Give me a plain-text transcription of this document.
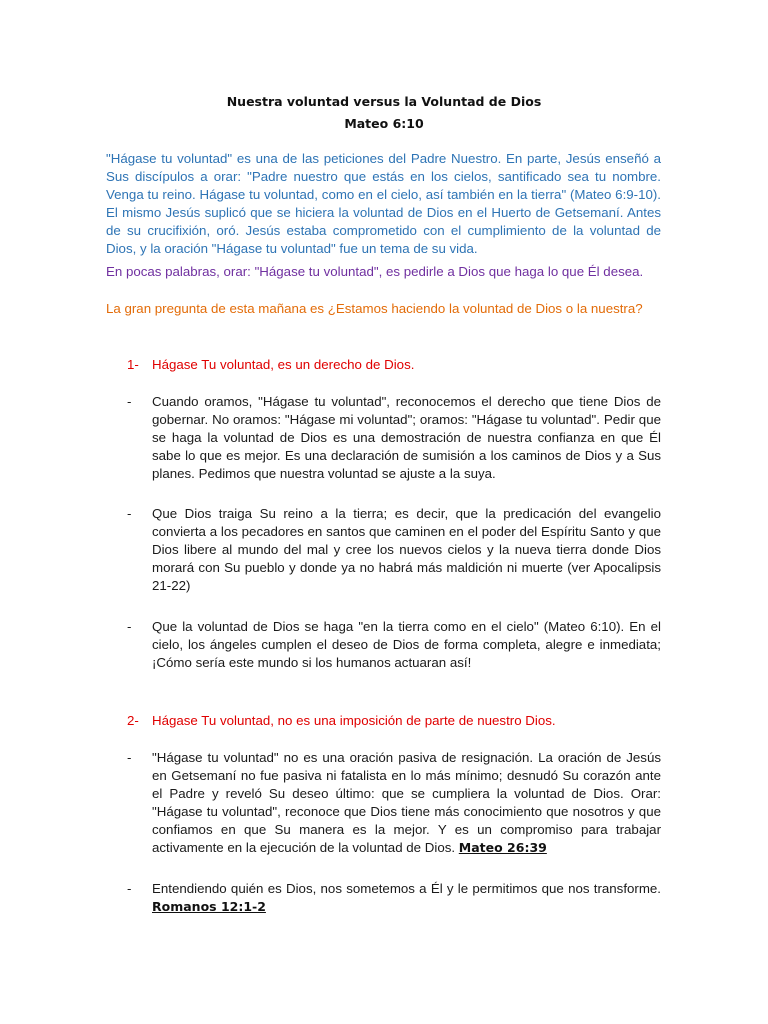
Nuestra voluntad versus la Voluntad de Dios
Mateo 6:10
"Hágase tu voluntad" es una de las peticiones del Padre Nuestro. En parte, Jesús enseñó a Sus discípulos a orar: "Padre nuestro que estás en los cielos, santificado sea tu nombre. Venga tu reino. Hágase tu voluntad, como en el cielo, así también en la tierra" (Mateo 6:9-10). El mismo Jesús suplicó que se hiciera la voluntad de Dios en el Huerto de Getsemaní. Antes de su crucifixión, oró. Jesús estaba comprometido con el cumplimiento de la voluntad de Dios, y la oración "Hágase tu voluntad" fue un tema de su vida.
En pocas palabras, orar: "Hágase tu voluntad", es pedirle a Dios que haga lo que Él desea.
La gran pregunta de esta mañana es ¿Estamos haciendo la voluntad de Dios o la nuestra?
1- Hágase Tu voluntad, es un derecho de Dios.
- Cuando oramos, "Hágase tu voluntad", reconocemos el derecho que tiene Dios de gobernar. No oramos: "Hágase mi voluntad"; oramos: "Hágase tu voluntad". Pedir que se haga la voluntad de Dios es una demostración de nuestra confianza en que Él sabe lo que es mejor. Es una declaración de sumisión a los caminos de Dios y a Sus planes. Pedimos que nuestra voluntad se ajuste a la suya.
- Que Dios traiga Su reino a la tierra; es decir, que la predicación del evangelio convierta a los pecadores en santos que caminen en el poder del Espíritu Santo y que Dios libere al mundo del mal y cree los nuevos cielos y la nueva tierra donde Dios morará con Su pueblo y donde ya no habrá más maldición ni muerte (ver Apocalipsis 21-22)
- Que la voluntad de Dios se haga "en la tierra como en el cielo" (Mateo 6:10). En el cielo, los ángeles cumplen el deseo de Dios de forma completa, alegre e inmediata; ¡Cómo sería este mundo si los humanos actuaran así!
2- Hágase Tu voluntad, no es una imposición de parte de nuestro Dios.
- "Hágase tu voluntad" no es una oración pasiva de resignación. La oración de Jesús en Getsemaní no fue pasiva ni fatalista en lo más mínimo; desnudó Su corazón ante el Padre y reveló Su deseo último: que se cumpliera la voluntad de Dios. Orar: "Hágase tu voluntad", reconoce que Dios tiene más conocimiento que nosotros y que confiamos en que Su manera es la mejor. Y es un compromiso para trabajar activamente en la ejecución de la voluntad de Dios. Mateo 26:39
- Entendiendo quién es Dios, nos sometemos a Él y le permitimos que nos transforme. Romanos 12:1-2
